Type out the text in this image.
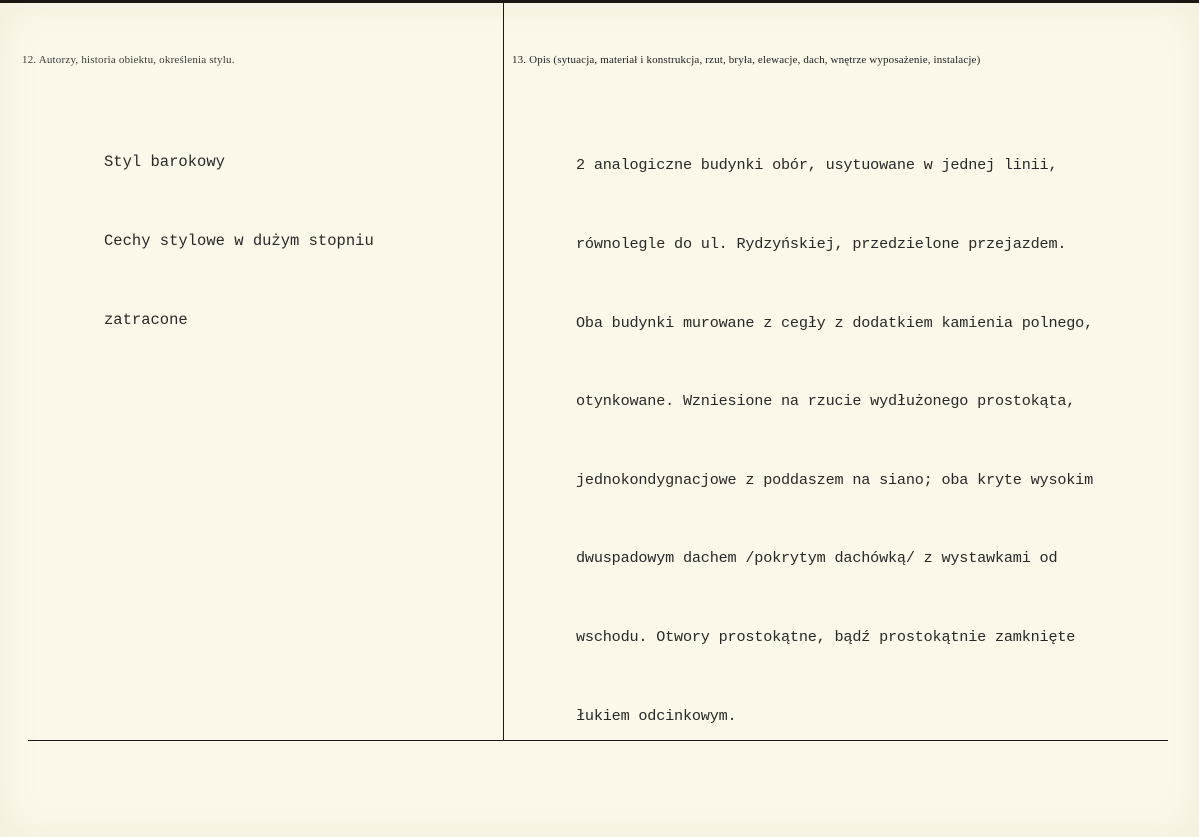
12. Autorzy, historia obiektu, określenia stylu.	13. Opis (sytuacja, materiał i konstrukcja, rzut, bryła, elewacje, dach, wnętrze wyposażenie, instalacje)

Styl barokowy

Cechy stylowe w dużym stopniu

zatracone

2 analogiczne budynki obór, usytuowane w jednej linii,

równolegle do ul. Rydzyńskiej, przedzielone przejazdem.

Oba budynki murowane z cegły z dodatkiem kamienia polnego,

otynkowane. Wzniesione na rzucie wydłużonego prostokąta,

jednokondygnacjowe z poddaszem na siano; oba kryte wysokim

dwuspadowym dachem /pokrytym dachówką/ z wystawkami od

wschodu. Otwory prostokątne, bądź prostokątnie zamknięte

łukiem odcinkowym.
